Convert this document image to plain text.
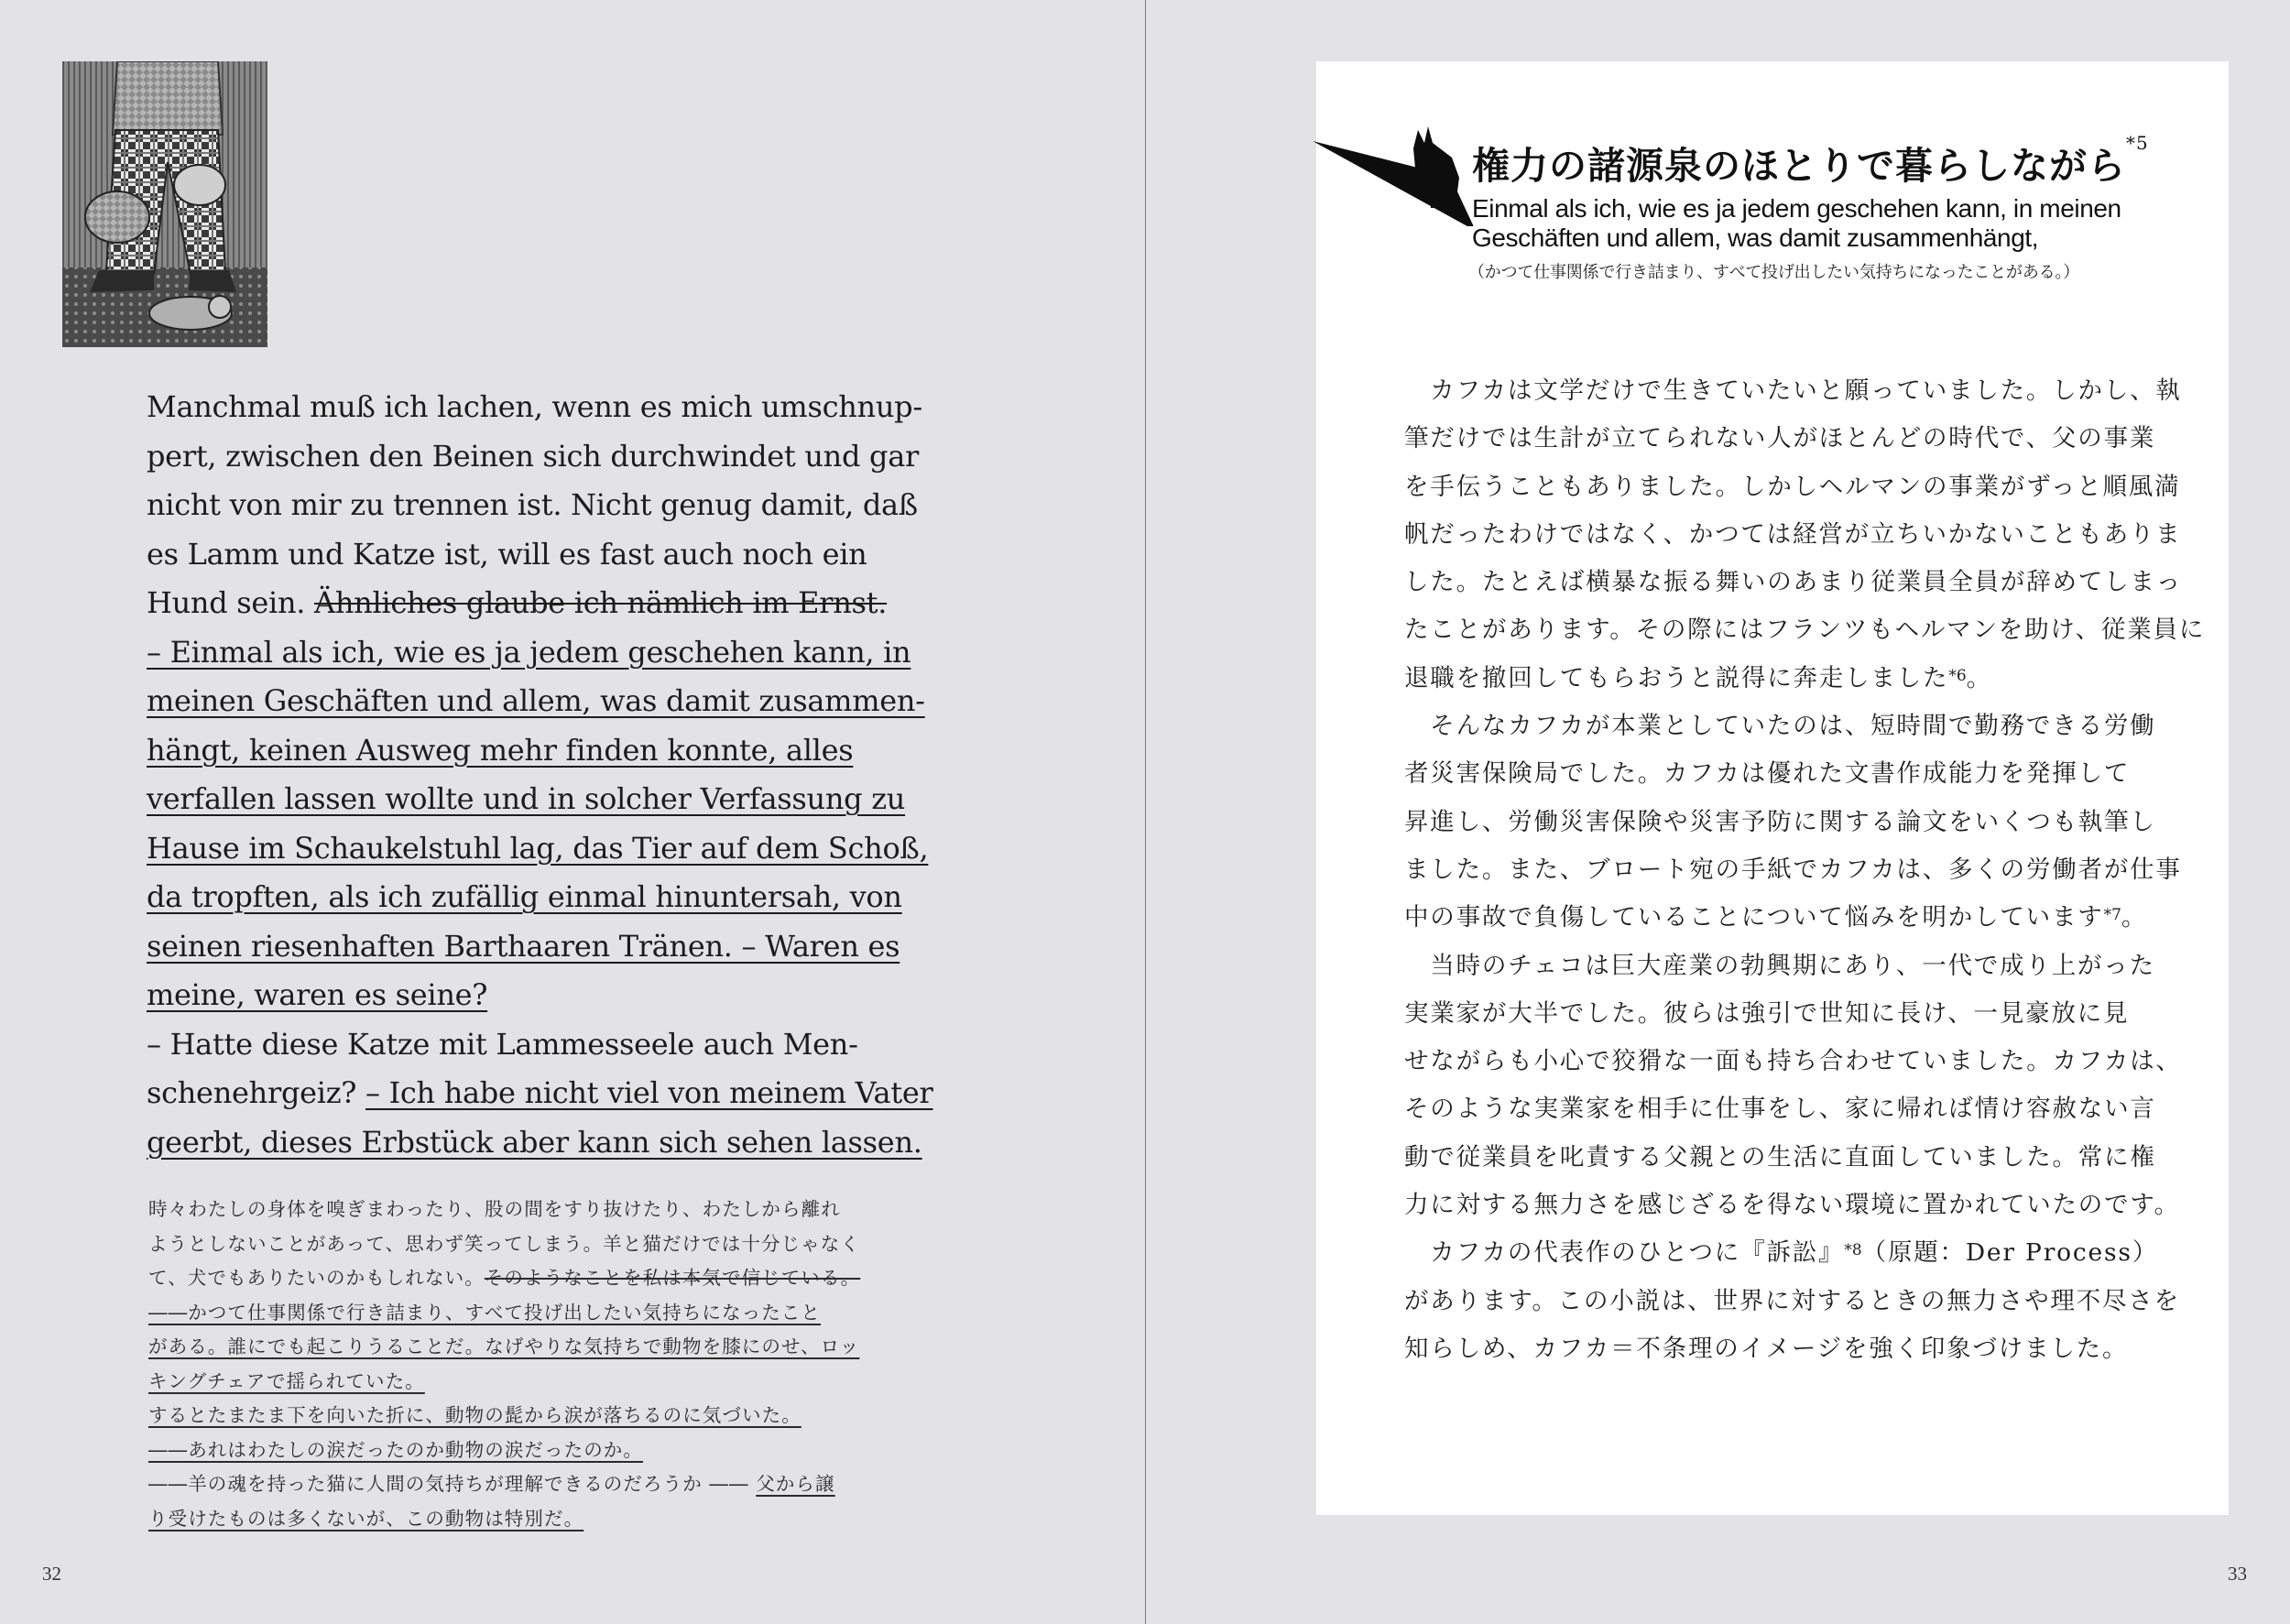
Manchmal muß ich lachen, wenn es mich umschnup-
pert, zwischen den Beinen sich durchwindet und gar
nicht von mir zu trennen ist. Nicht genug damit, daß
es Lamm und Katze ist, will es fast auch noch ein
Hund sein. Ähnliches glaube ich nämlich im Ernst.
– Einmal als ich, wie es ja jedem geschehen kann, in
meinen Geschäften und allem, was damit zusammen-
hängt, keinen Ausweg mehr finden konnte, alles
verfallen lassen wollte und in solcher Verfassung zu
Hause im Schaukelstuhl lag, das Tier auf dem Schoß,
da tropften, als ich zufällig einmal hinuntersah, von
seinen riesenhaften Barthaaren Tränen. – Waren es
meine, waren es seine?
– Hatte diese Katze mit Lammesseele auch Men-
schenehrgeiz? – Ich habe nicht viel von meinem Vater
geerbt, dieses Erbstück aber kann sich sehen lassen.
時々わたしの身体を嗅ぎまわったり、股の間をすり抜けたり、わたしから離れ
ようとしないことがあって、思わず笑ってしまう。羊と猫だけでは十分じゃなく
て、犬でもありたいのかもしれない。そのようなことを私は本気で信じている。
――かつて仕事関係で行き詰まり、すべて投げ出したい気持ちになったこと
がある。誰にでも起こりうることだ。なげやりな気持ちで動物を膝にのせ、ロッ
キングチェアで揺られていた。
するとたまたま下を向いた折に、動物の髭から涙が落ちるのに気づいた。
――あれはわたしの涙だったのか動物の涙だったのか。
――羊の魂を持った猫に人間の気持ちが理解できるのだろうか ―― 父から譲
り受けたものは多くないが、この動物は特別だ。
32
権力の諸源泉のほとりで暮らしながら$^{*5}$
Einmal als ich, wie es ja jedem geschehen kann, in meinen
Geschäften und allem, was damit zusammenhängt,
（かつて仕事関係で行き詰まり、すべて投げ出したい気持ちになったことがある。）
　カフカは文学だけで生きていたいと願っていました。しかし、執
筆だけでは生計が立てられない人がほとんどの時代で、父の事業
を手伝うこともありました。しかしヘルマンの事業がずっと順風満
帆だったわけではなく、かつては経営が立ちいかないこともありま
した。たとえば横暴な振る舞いのあまり従業員全員が辞めてしまっ
たことがあります。その際にはフランツもヘルマンを助け、従業員に
退職を撤回してもらおうと説得に奔走しました$^{*6}$。
　そんなカフカが本業としていたのは、短時間で勤務できる労働
者災害保険局でした。カフカは優れた文書作成能力を発揮して
昇進し、労働災害保険や災害予防に関する論文をいくつも執筆し
ました。また、ブロート宛の手紙でカフカは、多くの労働者が仕事
中の事故で負傷していることについて悩みを明かしています$^{*7}$。
　当時のチェコは巨大産業の勃興期にあり、一代で成り上がった
実業家が大半でした。彼らは強引で世知に長け、一見豪放に見
せながらも小心で狡猾な一面も持ち合わせていました。カフカは、
そのような実業家を相手に仕事をし、家に帰れば情け容赦ない言
動で従業員を叱責する父親との生活に直面していました。常に権
力に対する無力さを感じざるを得ない環境に置かれていたのです。
　カフカの代表作のひとつに『訴訟』$^{*8}$（原題：Der Process）
があります。この小説は、世界に対するときの無力さや理不尽さを
知らしめ、カフカ＝不条理のイメージを強く印象づけました。
33
